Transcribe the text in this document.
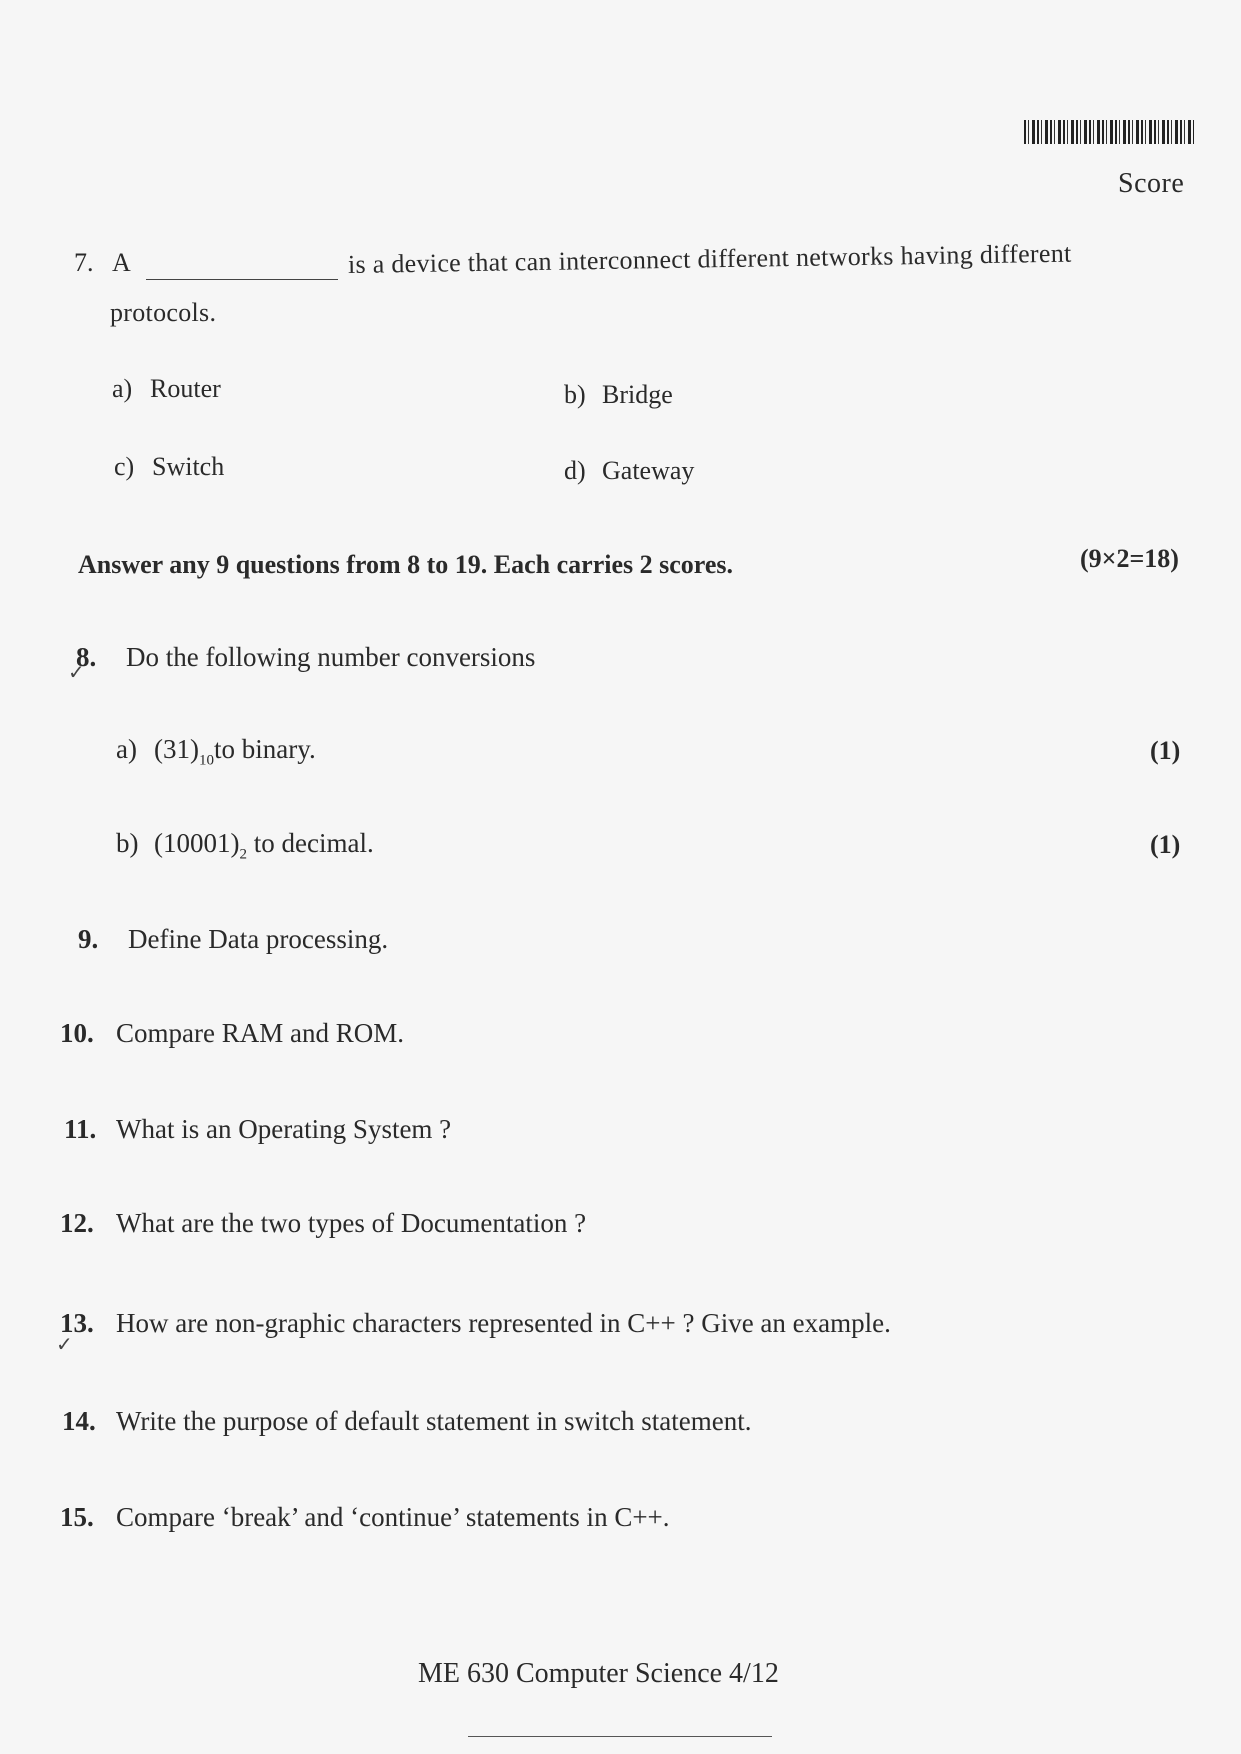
Score
7. A	is a device that can interconnect different networks having different
protocols.
a) Router	b) Bridge
c) Switch	d) Gateway
Answer any 9 questions from 8 to 19. Each carries 2 scores.	(9×2=18)
✓
8. Do the following number conversions
a) $(31)_{10}to$ binary.	(1)
b) $(10001)_2$ to decimal.	(1)
9. Define Data processing.
10. Compare RAM and ROM.
11. What is an Operating System ?
12. What are the two types of Documentation ?
✓
13. How are non-graphic characters represented in C++ ? Give an example.
14. Write the purpose of default statement in switch statement.
15. Compare ‘break’ and ‘continue’ statements in C++.
ME 630 Computer Science 4/12
